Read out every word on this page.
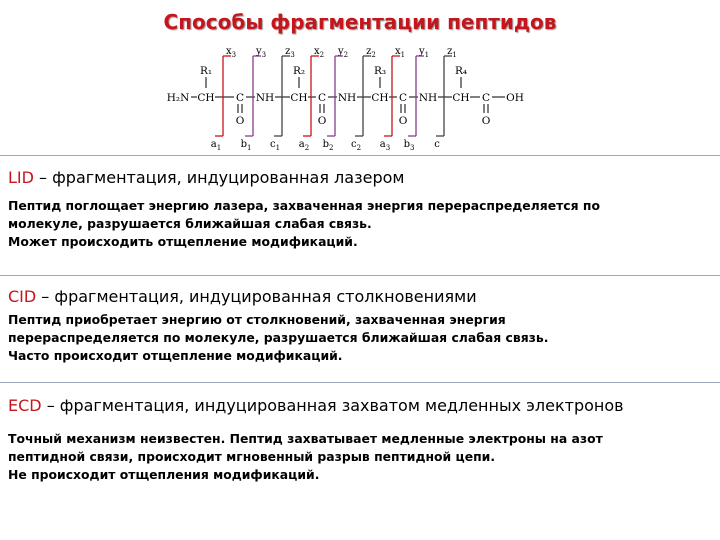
Способы фрагментации пептидов
H₂N CH C NH CH C NH CH C NH CH C OH
R₁	R₂	R₃	R₄
O	O	O	O
$x_3$
$a_1$
$y_3$
$b_1$
$z_3$
$c_1$
$x_2$
$a_2$
$y_2$
$b_2$
$z_2$
$c_2$
$x_1$
$a_3$
$y_1$
$b_3$
$z_1$
c
LID – фрагментация, индуцированная лазером
Пептид поглощает энергию лазера, захваченная энергия перераспределяется по
молекуле, разрушается ближайшая слабая связь.
Может происходить отщепление модификаций.
CID – фрагментация, индуцированная столкновениями
Пептид приобретает энергию от столкновений, захваченная энергия
перераспределяется по молекуле, разрушается ближайшая слабая связь.
Часто происходит отщепление модификаций.
ECD – фрагментация, индуцированная захватом медленных электронов
Точный механизм неизвестен. Пептид захватывает медленные электроны на азот
пептидной связи, происходит мгновенный разрыв пептидной цепи.
Не происходит отщепления модификаций.
